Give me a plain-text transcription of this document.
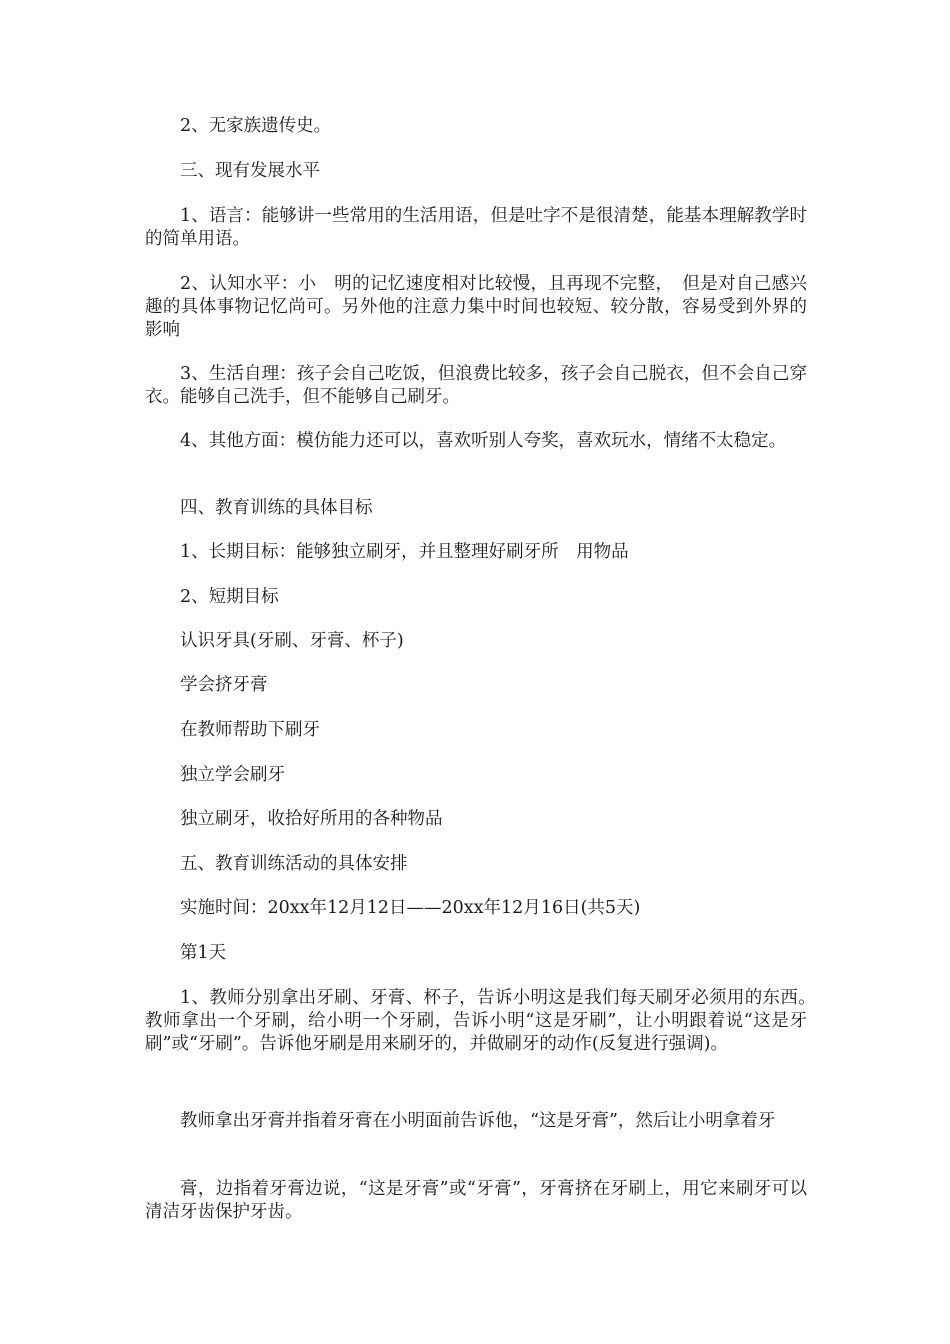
2、无家族遗传史。

三、现有发展水平

1、语言：能够讲一些常用的生活用语，但是吐字不是很清楚，能基本理解教学时的简单用语。

2、认知水平：小　明的记忆速度相对比较慢，且再现不完整，　但是对自己感兴趣的具体事物记忆尚可。另外他的注意力集中时间也较短、较分散，容易受到外界的影响

3、生活自理：孩子会自己吃饭，但浪费比较多，孩子会自己脱衣，但不会自己穿衣。能够自己洗手，但不能够自己刷牙。

4、其他方面：模仿能力还可以，喜欢听别人夸奖，喜欢玩水，情绪不太稳定。

四、教育训练的具体目标

1、长期目标：能够独立刷牙，并且整理好刷牙所　用物品

2、短期目标

认识牙具(牙刷、牙膏、杯子)

学会挤牙膏

在教师帮助下刷牙

独立学会刷牙

独立刷牙，收拾好所用的各种物品

五、教育训练活动的具体安排

实施时间：20xx年12月12日——20xx年12月16日(共5天)

第1天

1、教师分别拿出牙刷、牙膏、杯子，告诉小明这是我们每天刷牙必须用的东西。　教师拿出一个牙刷，给小明一个牙刷，告诉小明“这是牙刷”，让小明跟着说“这是牙刷”或“牙刷”。告诉他牙刷是用来刷牙的，并做刷牙的动作(反复进行强调)。

教师拿出牙膏并指着牙膏在小明面前告诉他，“这是牙膏”，然后让小明拿着牙

膏，边指着牙膏边说，“这是牙膏”或“牙膏”，牙膏挤在牙刷上，用它来刷牙可以清洁牙齿保护牙齿。
